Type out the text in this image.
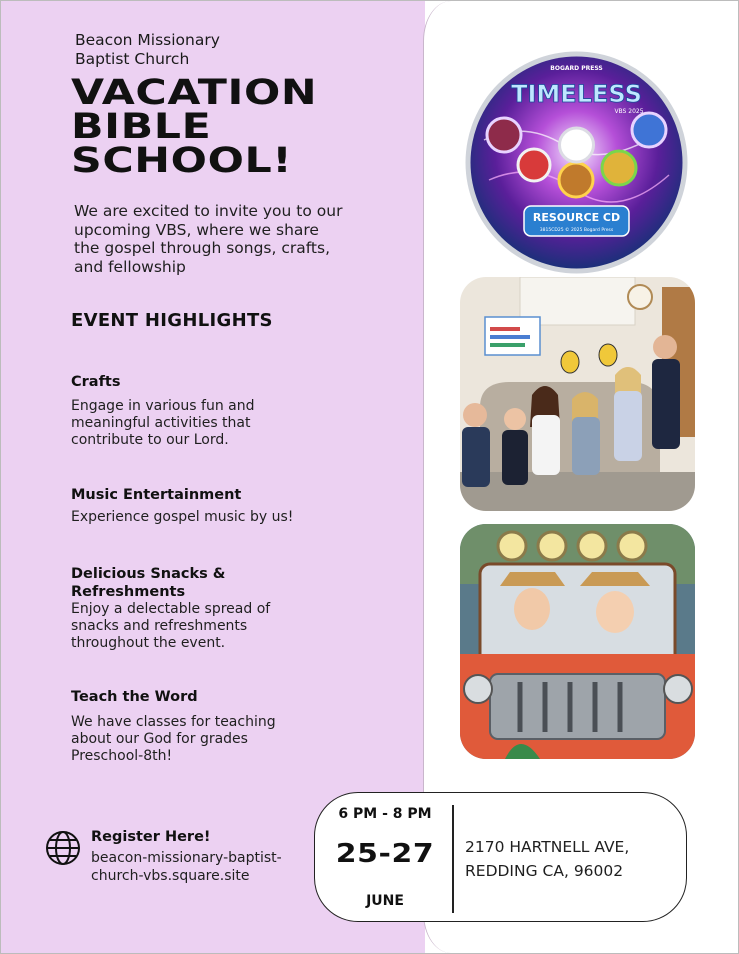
Beacon Missionary
Baptist Church
VACATION
BIBLE
SCHOOL!
We are excited to invite you to our upcoming VBS, where we share the gospel through songs, crafts, and fellowship
EVENT HIGHLIGHTS
Crafts
Engage in various fun and meaningful activities that contribute to our Lord.
Music Entertainment
Experience gospel music by us!
Delicious Snacks & Refreshments
Enjoy a delectable spread of snacks and refreshments throughout the event.
Teach the Word
We have classes for teaching about our God for grades Preschool-8th!
Register Here!
beacon-missionary-baptist-church-vbs.square.site
6 PM - 8 PM
25-27
JUNE
2170 HARTNELL AVE,
REDDING CA, 96002
TIMELESS
BOGARD PRESS
VBS 2025
RESOURCE CD
3815CD25 © 2025 Bogard Press
